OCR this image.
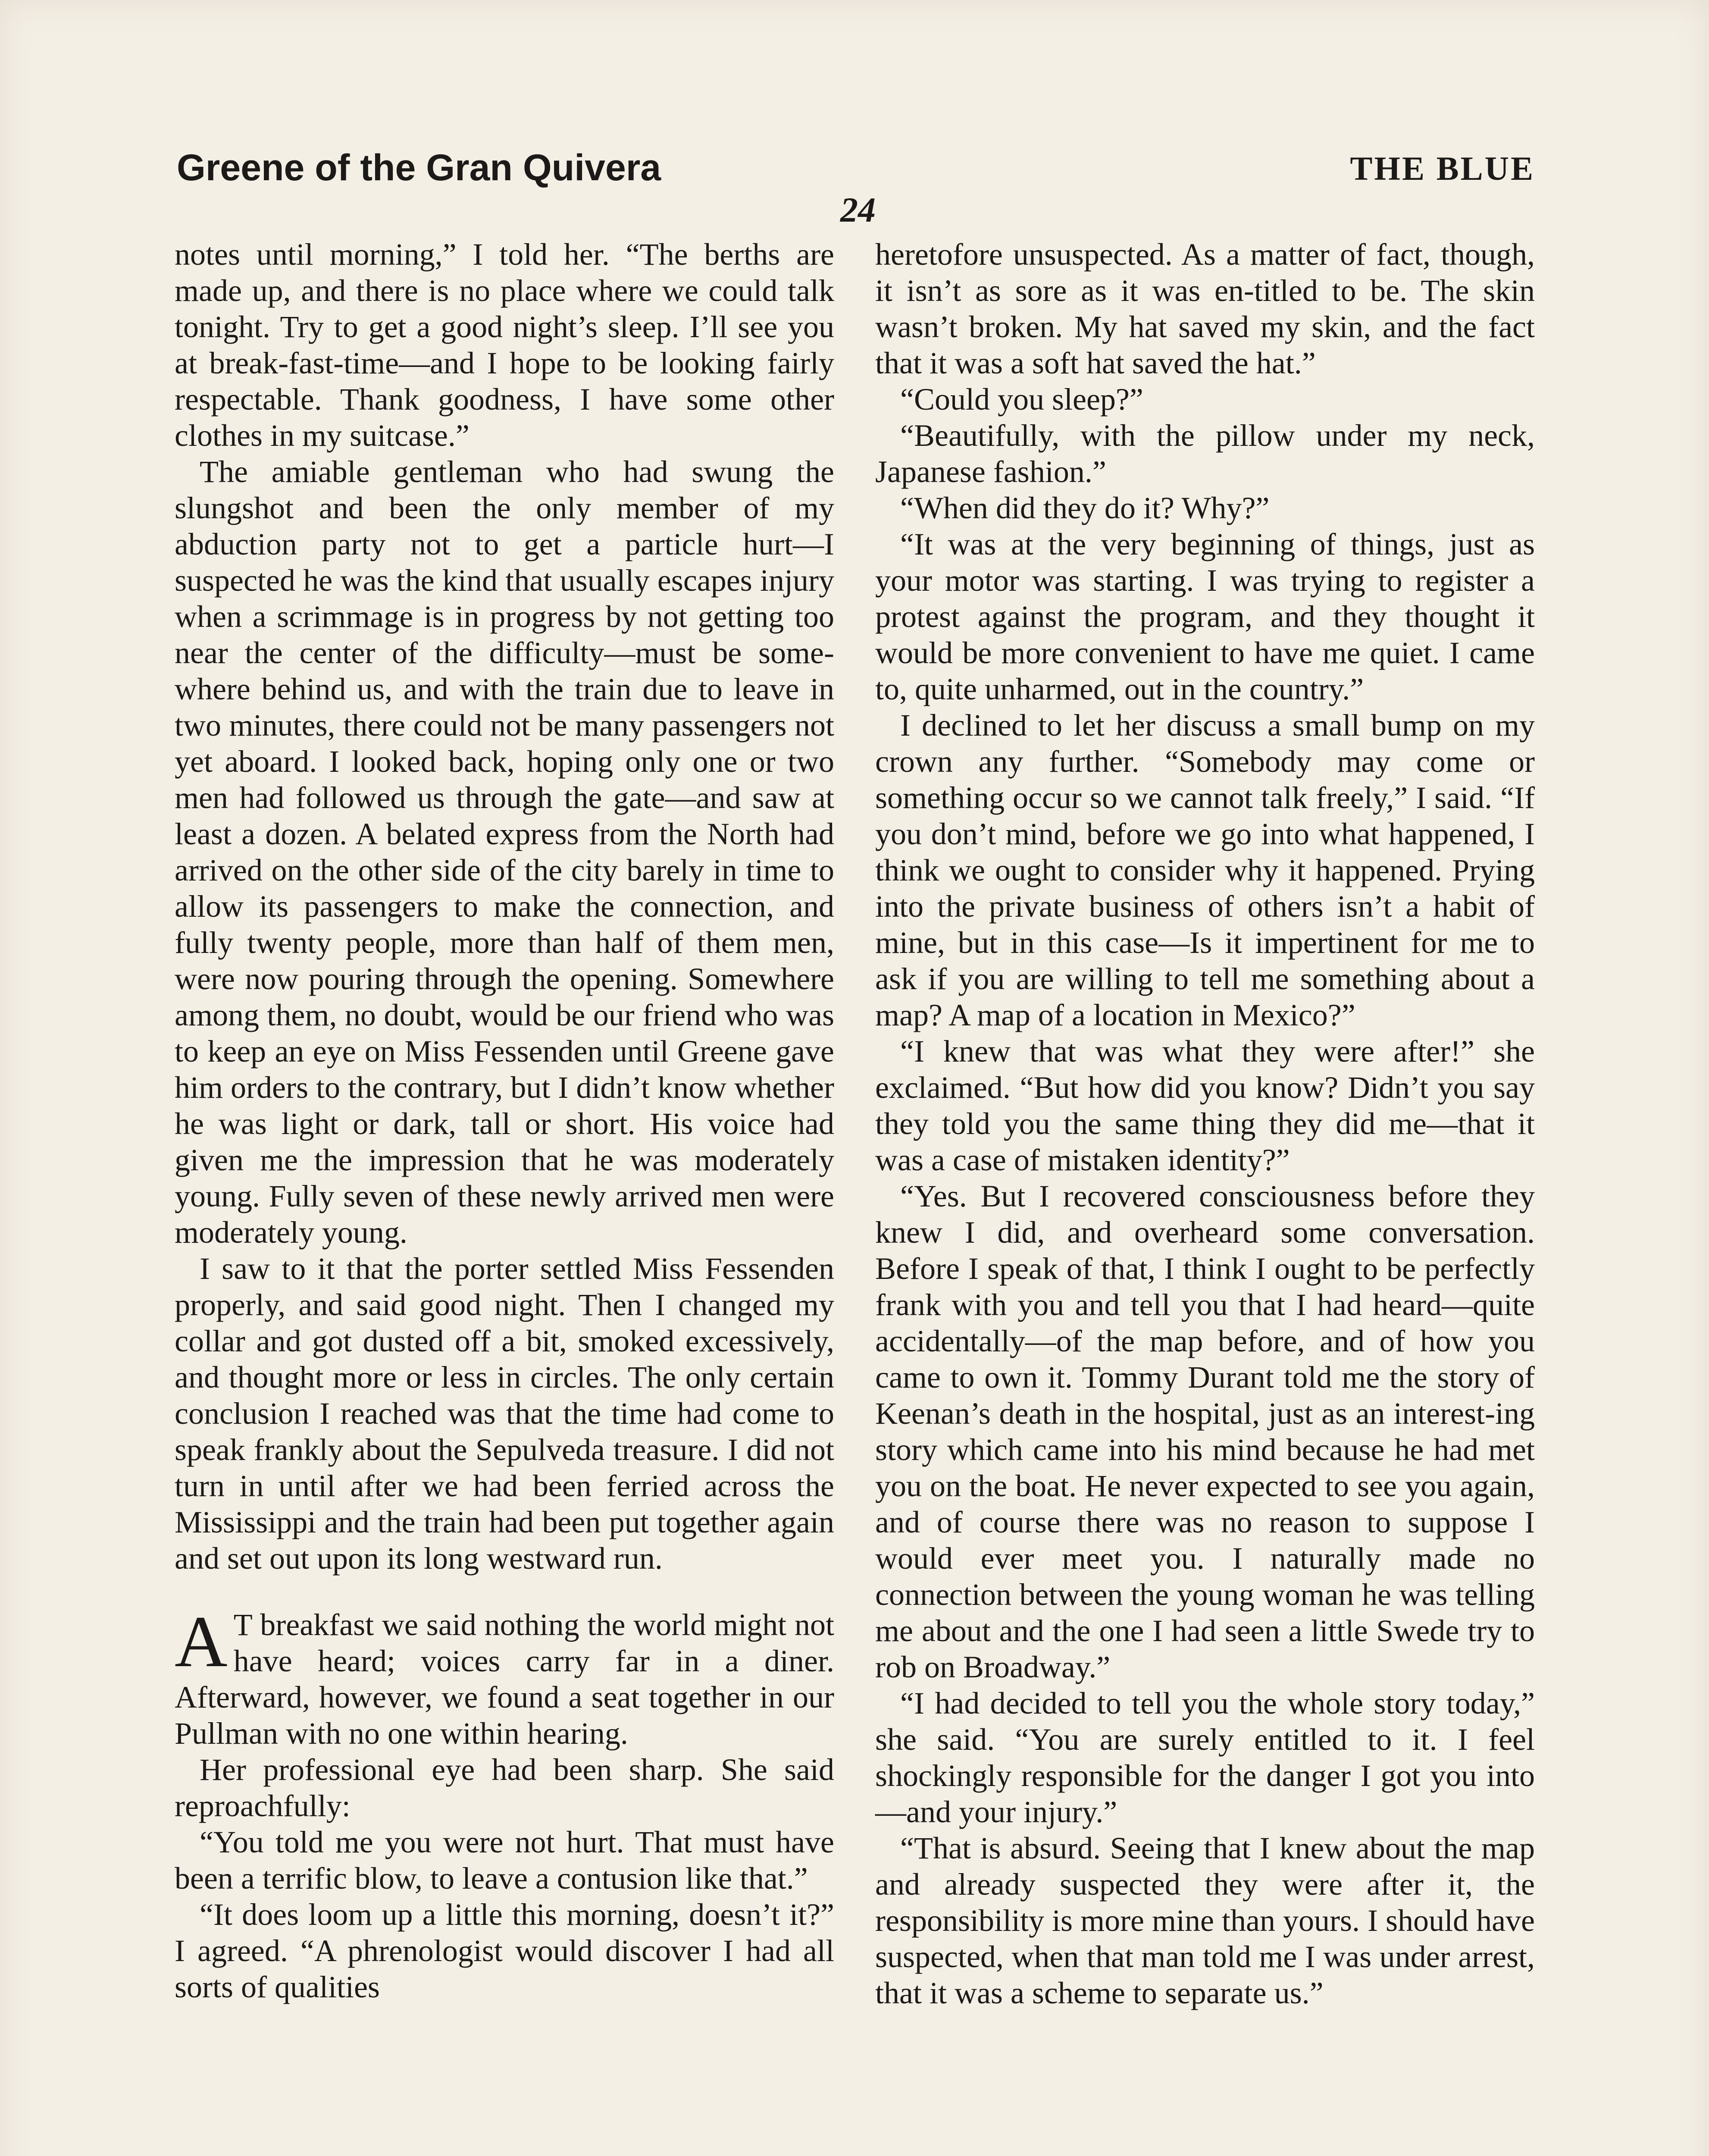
Greene of the Gran Quivera	THE BLUE
24

notes until morning,” I told her. “The berths are made up, and there is no place where we could talk tonight. Try to get a good night’s sleep. I’ll see you at break-fast-time—and I hope to be looking fairly respectable. Thank goodness, I have some other clothes in my suitcase.”

The amiable gentleman who had swung the slungshot and been the only member of my abduction party not to get a particle hurt—I suspected he was the kind that usually escapes injury when a scrimmage is in progress by not getting too near the center of the difficulty—must be some-where behind us, and with the train due to leave in two minutes, there could not be many passengers not yet aboard. I looked back, hoping only one or two men had followed us through the gate—and saw at least a dozen. A belated express from the North had arrived on the other side of the city barely in time to allow its passengers to make the connection, and fully twenty people, more than half of them men, were now pouring through the opening. Somewhere among them, no doubt, would be our friend who was to keep an eye on Miss Fessenden until Greene gave him orders to the contrary, but I didn’t know whether he was light or dark, tall or short. His voice had given me the impression that he was moderately young. Fully seven of these newly arrived men were moderately young.

I saw to it that the porter settled Miss Fessenden properly, and said good night. Then I changed my collar and got dusted off a bit, smoked excessively, and thought more or less in circles. The only certain conclusion I reached was that the time had come to speak frankly about the Sepulveda treasure. I did not turn in until after we had been ferried across the Mississippi and the train had been put together again and set out upon its long westward run.

A T breakfast we said nothing the world might not have heard; voices carry far in a diner. Afterward, however, we found a seat together in our Pullman with no one within hearing.

Her professional eye had been sharp. She said reproachfully:

“You told me you were not hurt. That must have been a terrific blow, to leave a contusion like that.”

“It does loom up a little this morning, doesn’t it?” I agreed. “A phrenologist would discover I had all sorts of qualities

heretofore unsuspected. As a matter of fact, though, it isn’t as sore as it was en-titled to be. The skin wasn’t broken. My hat saved my skin, and the fact that it was a soft hat saved the hat.”

“Could you sleep?”

“Beautifully, with the pillow under my neck, Japanese fashion.”

“When did they do it? Why?”

“It was at the very beginning of things, just as your motor was starting. I was trying to register a protest against the program, and they thought it would be more convenient to have me quiet. I came to, quite unharmed, out in the country.”

I declined to let her discuss a small bump on my crown any further. “Somebody may come or something occur so we cannot talk freely,” I said. “If you don’t mind, before we go into what happened, I think we ought to consider why it happened. Prying into the private business of others isn’t a habit of mine, but in this case—Is it impertinent for me to ask if you are willing to tell me something about a map? A map of a location in Mexico?”

“I knew that was what they were after!” she exclaimed. “But how did you know? Didn’t you say they told you the same thing they did me—that it was a case of mistaken identity?”

“Yes. But I recovered consciousness before they knew I did, and overheard some conversation. Before I speak of that, I think I ought to be perfectly frank with you and tell you that I had heard—quite accidentally—of the map before, and of how you came to own it. Tommy Durant told me the story of Keenan’s death in the hospital, just as an interest-ing story which came into his mind because he had met you on the boat. He never expected to see you again, and of course there was no reason to suppose I would ever meet you. I naturally made no connection between the young woman he was telling me about and the one I had seen a little Swede try to rob on Broadway.”

“I had decided to tell you the whole story today,” she said. “You are surely entitled to it. I feel shockingly responsible for the danger I got you into—and your injury.”

“That is absurd. Seeing that I knew about the map and already suspected they were after it, the responsibility is more mine than yours. I should have suspected, when that man told me I was under arrest, that it was a scheme to separate us.”
